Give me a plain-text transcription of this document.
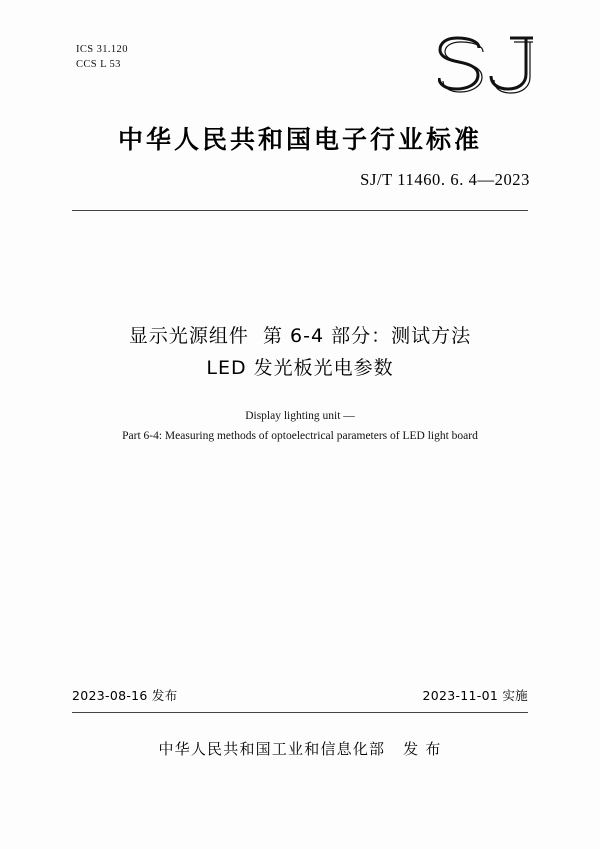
ICS 31.120
CCS L 53
中华人民共和国电子行业标准
SJ/T 11460. 6. 4—2023
显示光源组件  第 6-4 部分：测试方法
LED 发光板光电参数
Display lighting unit —
Part 6-4: Measuring methods of optoelectrical parameters of LED light board
2023-08-16 发布	2023-11-01 实施
中华人民共和国工业和信息化部   发 布
